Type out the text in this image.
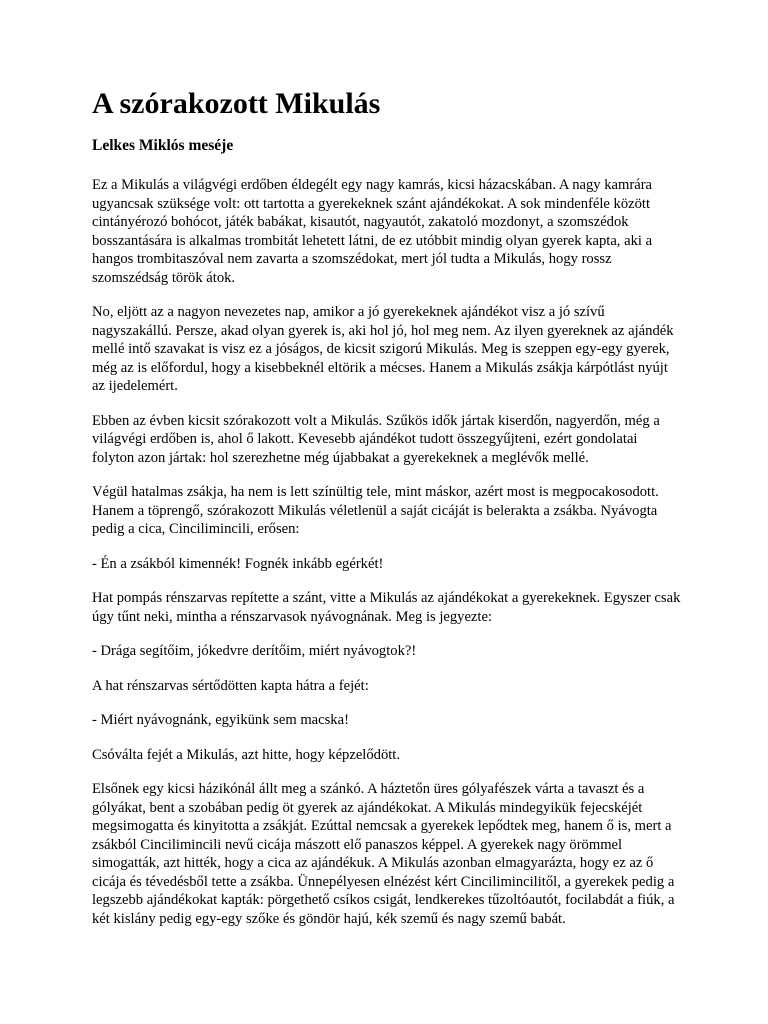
A szórakozott Mikulás
Lelkes Miklós meséje

Ez a Mikulás a világvégi erdőben éldegélt egy nagy kamrás, kicsi házacskában. A nagy kamrára ugyancsak szüksége volt: ott tartotta a gyerekeknek szánt ajándékokat. A sok mindenféle között cintányérozó bohócot, játék babákat, kisautót, nagyautót, zakatoló mozdonyt, a szomszédok bosszantására is alkalmas trombitát lehetett látni, de ez utóbbit mindig olyan gyerek kapta, aki a hangos trombitaszóval nem zavarta a szomszédokat, mert jól tudta a Mikulás, hogy rossz szomszédság török átok.

No, eljött az a nagyon nevezetes nap, amikor a jó gyerekeknek ajándékot visz a jó szívű nagyszakállú. Persze, akad olyan gyerek is, aki hol jó, hol meg nem. Az ilyen gyereknek az ajándék mellé intő szavakat is visz ez a jóságos, de kicsit szigorú Mikulás. Meg is szeppen egy-egy gyerek, még az is előfordul, hogy a kisebbeknél eltörik a mécses. Hanem a Mikulás zsákja kárpótlást nyújt az ijedelemért.

Ebben az évben kicsit szórakozott volt a Mikulás. Szűkös idők jártak kiserdőn, nagyerdőn, még a világvégi erdőben is, ahol ő lakott. Kevesebb ajándékot tudott összegyűjteni, ezért gondolatai folyton azon jártak: hol szerezhetne még újabbakat a gyerekeknek a meglévők mellé.

Végül hatalmas zsákja, ha nem is lett színültig tele, mint máskor, azért most is megpocakosodott. Hanem a töprengő, szórakozott Mikulás véletlenül a saját cicáját is belerakta a zsákba. Nyávogta pedig a cica, Cincilimincili, erősen:

- Én a zsákból kimennék! Fognék inkább egérkét!

Hat pompás rénszarvas repítette a szánt, vitte a Mikulás az ajándékokat a gyerekeknek. Egyszer csak úgy tűnt neki, mintha a rénszarvasok nyávognának. Meg is jegyezte:

- Drága segítőim, jókedvre derítőim, miért nyávogtok?!

A hat rénszarvas sértődötten kapta hátra a fejét:

- Miért nyávognánk, egyikünk sem macska!

Csóválta fejét a Mikulás, azt hitte, hogy képzelődött.

Elsőnek egy kicsi házikónál állt meg a szánkó. A háztetőn üres gólyafészek várta a tavaszt és a gólyákat, bent a szobában pedig öt gyerek az ajándékokat. A Mikulás mindegyikük fejecskéjét megsimogatta és kinyitotta a zsákját. Ezúttal nemcsak a gyerekek lepődtek meg, hanem ő is, mert a zsákból Cincilimincili nevű cicája mászott elő panaszos képpel. A gyerekek nagy örömmel simogatták, azt hitték, hogy a cica az ajándékuk. A Mikulás azonban elmagyarázta, hogy ez az ő cicája és tévedésből tette a zsákba. Ünnepélyesen elnézést kért Cincilimincilitől, a gyerekek pedig a legszebb ajándékokat kapták: pörgethető csíkos csigát, lendkerekes tűzoltóautót, focilabdát a fiúk, a két kislány pedig egy-egy szőke és göndör hajú, kék szemű és nagy szemű babát.
